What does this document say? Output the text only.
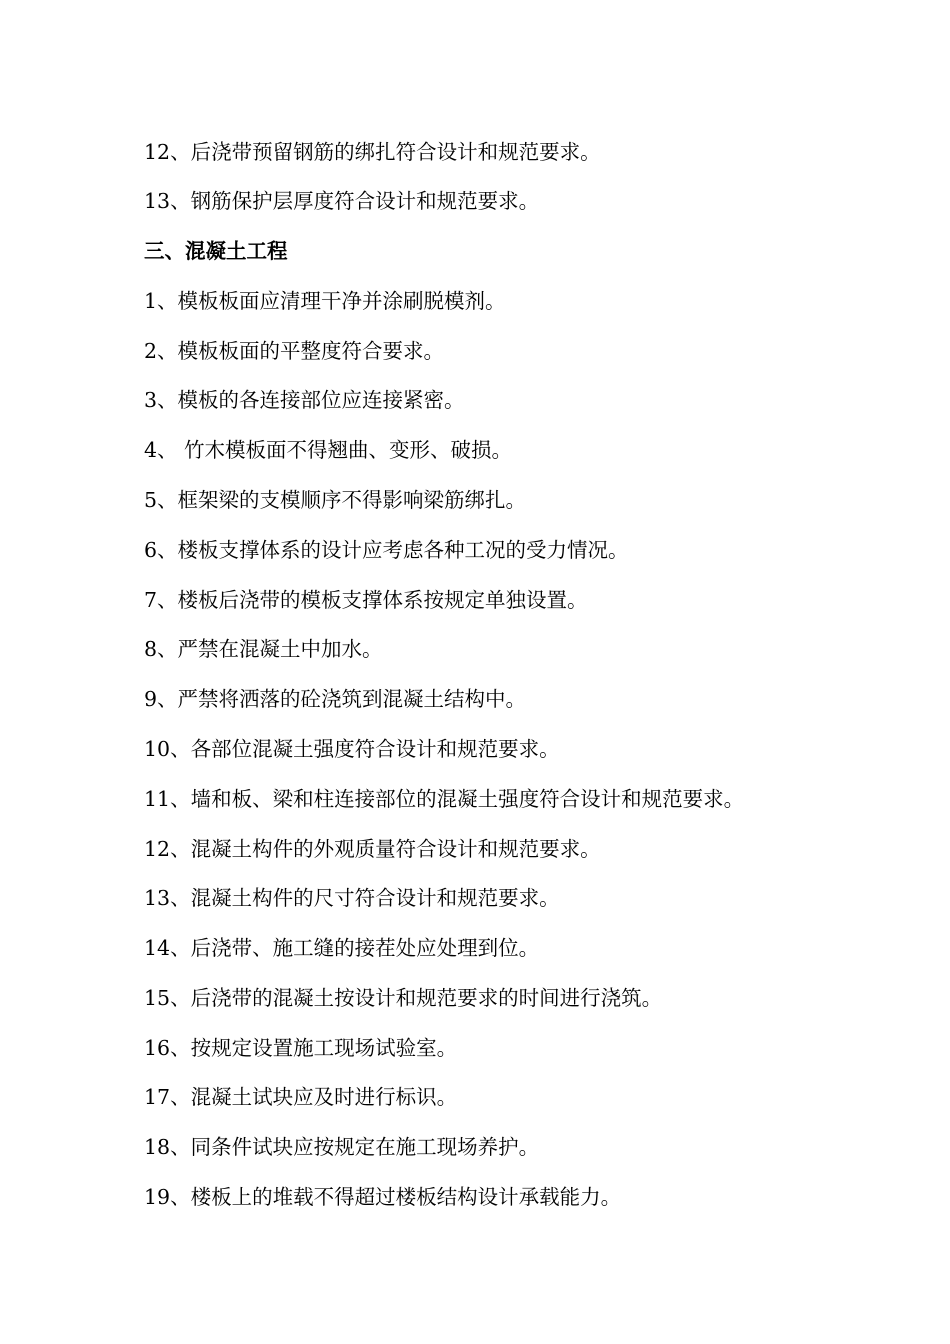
12、后浇带预留钢筋的绑扎符合设计和规范要求。
13、钢筋保护层厚度符合设计和规范要求。
三、混凝土工程
1、模板板面应清理干净并涂刷脱模剂。
2、模板板面的平整度符合要求。
3、模板的各连接部位应连接紧密。
4、 竹木模板面不得翘曲、变形、破损。
5、框架梁的支模顺序不得影响梁筋绑扎。
6、楼板支撑体系的设计应考虑各种工况的受力情况。
7、楼板后浇带的模板支撑体系按规定单独设置。
8、严禁在混凝土中加水。
9、严禁将洒落的砼浇筑到混凝土结构中。
10、各部位混凝土强度符合设计和规范要求。
11、墙和板、梁和柱连接部位的混凝土强度符合设计和规范要求。
12、混凝土构件的外观质量符合设计和规范要求。
13、混凝土构件的尺寸符合设计和规范要求。
14、后浇带、施工缝的接茬处应处理到位。
15、后浇带的混凝土按设计和规范要求的时间进行浇筑。
16、按规定设置施工现场试验室。
17、混凝土试块应及时进行标识。
18、同条件试块应按规定在施工现场养护。
19、楼板上的堆载不得超过楼板结构设计承载能力。
